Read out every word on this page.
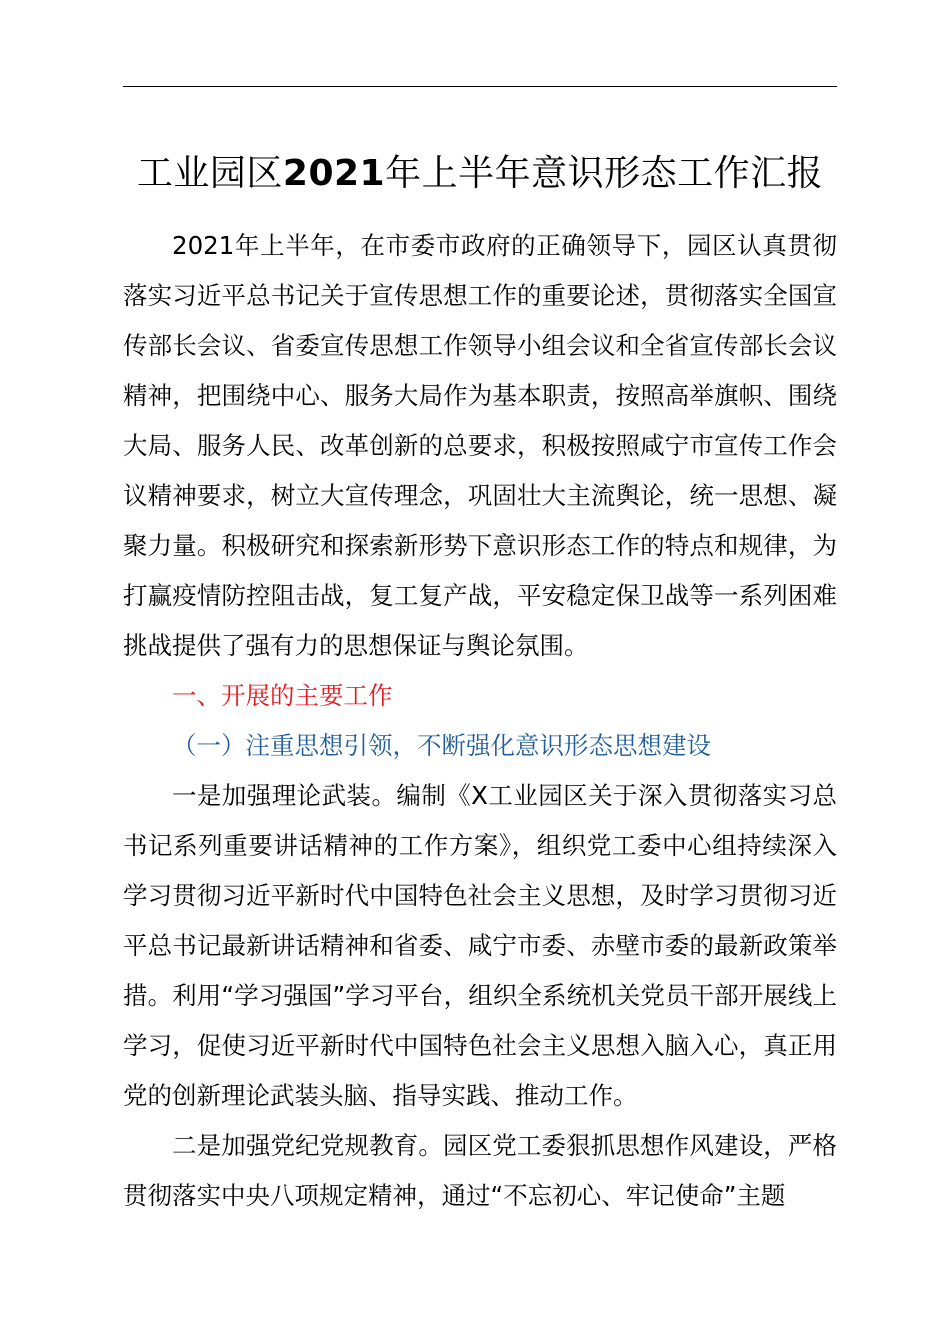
工业园区2021年上半年意识形态工作汇报

2021年上半年，在市委市政府的正确领导下，园区认真贯彻落实习近平总书记关于宣传思想工作的重要论述，贯彻落实全国宣传部长会议、省委宣传思想工作领导小组会议和全省宣传部长会议精神，把围绕中心、服务大局作为基本职责，按照高举旗帜、围绕大局、服务人民、改革创新的总要求，积极按照咸宁市宣传工作会议精神要求，树立大宣传理念，巩固壮大主流舆论，统一思想、凝聚力量。积极研究和探索新形势下意识形态工作的特点和规律，为打赢疫情防控阻击战，复工复产战，平安稳定保卫战等一系列困难挑战提供了强有力的思想保证与舆论氛围。

一、开展的主要工作
（一）注重思想引领，不断强化意识形态思想建设

一是加强理论武装。编制《X工业园区关于深入贯彻落实习总书记系列重要讲话精神的工作方案》，组织党工委中心组持续深入学习贯彻习近平新时代中国特色社会主义思想，及时学习贯彻习近平总书记最新讲话精神和省委、咸宁市委、赤壁市委的最新政策举措。利用“学习强国”学习平台，组织全系统机关党员干部开展线上学习，促使习近平新时代中国特色社会主义思想入脑入心，真正用党的创新理论武装头脑、指导实践、推动工作。

二是加强党纪党规教育。园区党工委狠抓思想作风建设，严格贯彻落实中央八项规定精神，通过“不忘初心、牢记使命”主题
